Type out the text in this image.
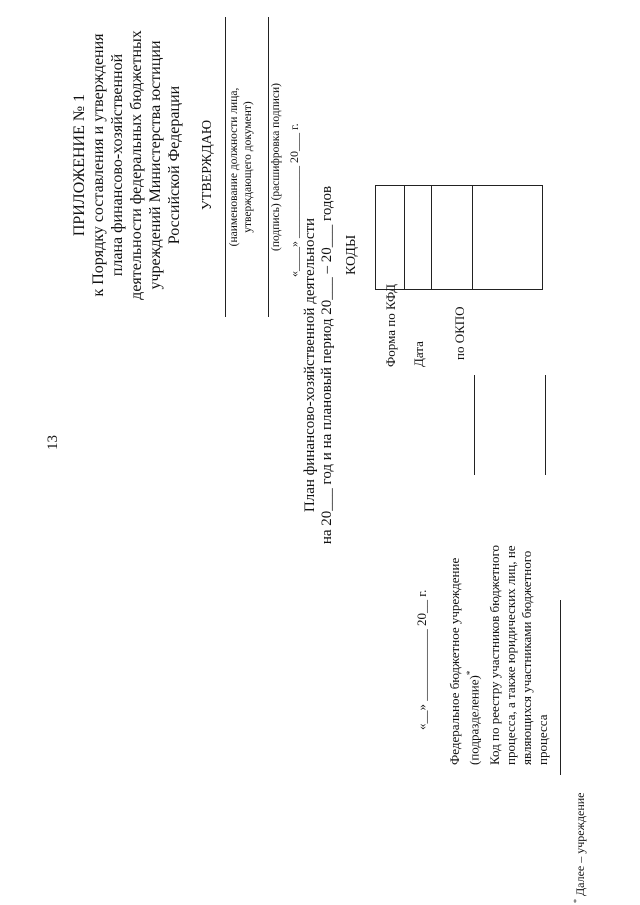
13
ПРИЛОЖЕНИЕ № 1 к Порядку составления и утверждения плана финансово-хозяйственной деятельности федеральных бюджетных учреждений Министерства юстиции Российской Федерации УТВЕРЖДАЮ (наименование должности лица, утверждающего документ) (подпись) (расшифровка подписи) «____» ____________ 20___ г.
План финансово-хозяйственной деятельности на 20___ год и на плановый период 20___ – 20___ годов КОДЫ
Форма по КФД Дата по ОКПО
«__» ___________ 20__ г. Федеральное бюджетное учреждение (подразделение)* Код по реестру участников бюджетного процесса, а также юридических лиц, не являющихся участниками бюджетного процесса
* Далее – учреждение
